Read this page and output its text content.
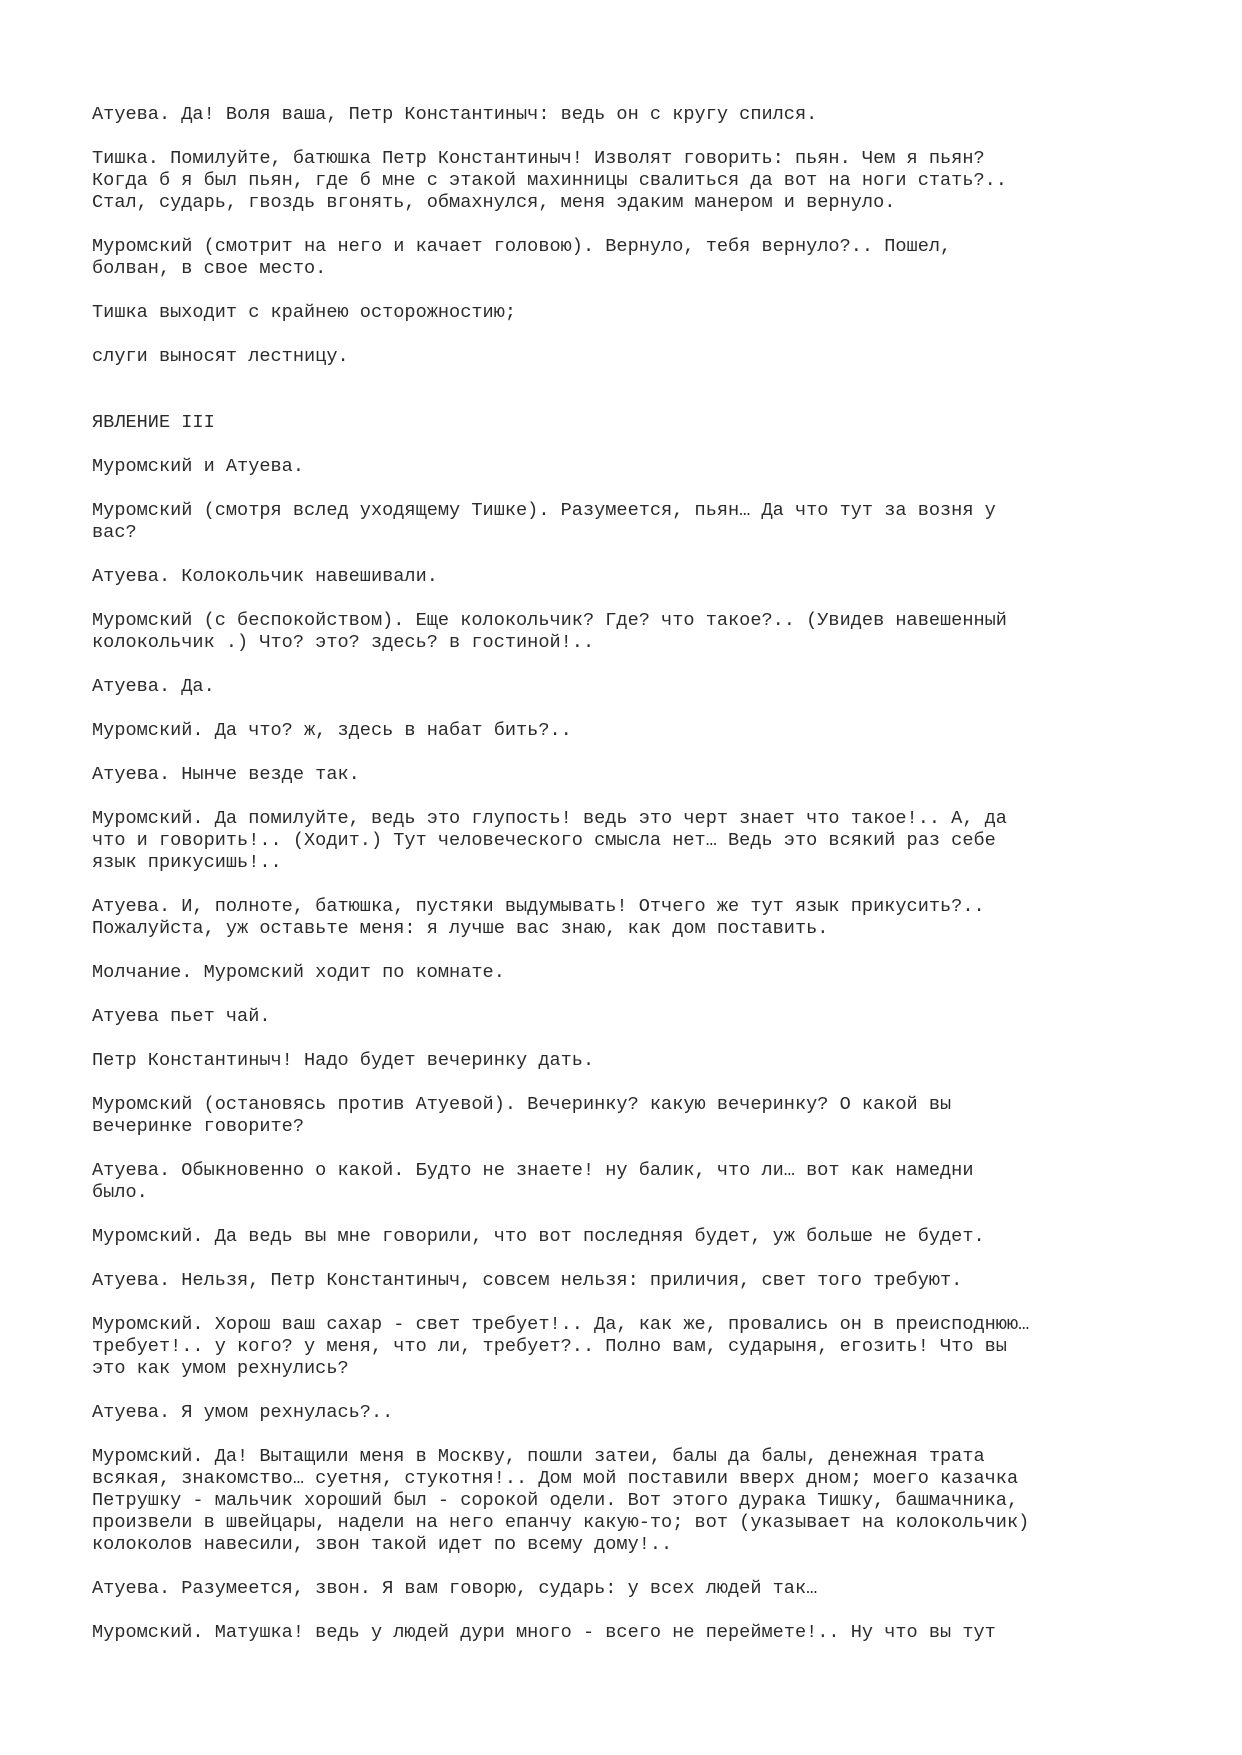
Атуева. Да! Воля ваша, Петр Константиныч: ведь он с кругу спился.

Тишка. Помилуйте, батюшка Петр Константиныч! Изволят говорить: пьян. Чем я пьян?
Когда б я был пьян, где б мне с этакой махинницы свалиться да вот на ноги стать?..
Стал, сударь, гвоздь вгонять, обмахнулся, меня эдаким манером и вернуло.

Муромский (смотрит на него и качает головою). Вернуло, тебя вернуло?.. Пошел,
болван, в свое место.

Тишка выходит с крайнею осторожностию;

слуги выносят лестницу.

ЯВЛЕНИЕ III

Муромский и Атуева.

Муромский (смотря вслед уходящему Тишке). Разумеется, пьян… Да что тут за возня у
вас?

Атуева. Колокольчик навешивали.

Муромский (с беспокойством). Еще колокольчик? Где? что такое?.. (Увидев навешенный
колокольчик .) Что? это? здесь? в гостиной!..

Атуева. Да.

Муромский. Да что? ж, здесь в набат бить?..

Атуева. Нынче везде так.

Муромский. Да помилуйте, ведь это глупость! ведь это черт знает что такое!.. А, да
что и говорить!.. (Ходит.) Тут человеческого смысла нет… Ведь это всякий раз себе
язык прикусишь!..

Атуева. И, полноте, батюшка, пустяки выдумывать! Отчего же тут язык прикусить?..
Пожалуйста, уж оставьте меня: я лучше вас знаю, как дом поставить.

Молчание. Муромский ходит по комнате.

Атуева пьет чай.

Петр Константиныч! Надо будет вечеринку дать.

Муромский (остановясь против Атуевой). Вечеринку? какую вечеринку? О какой вы
вечеринке говорите?

Атуева. Обыкновенно о какой. Будто не знаете! ну балик, что ли… вот как намедни
было.

Муромский. Да ведь вы мне говорили, что вот последняя будет, уж больше не будет.

Атуева. Нельзя, Петр Константиныч, совсем нельзя: приличия, свет того требуют.

Муромский. Хорош ваш сахар - свет требует!.. Да, как же, провались он в преисподнюю…
требует!.. у кого? у меня, что ли, требует?.. Полно вам, сударыня, егозить! Что вы
это как умом рехнулись?

Атуева. Я умом рехнулась?..

Муромский. Да! Вытащили меня в Москву, пошли затеи, балы да балы, денежная трата
всякая, знакомство… суетня, стукотня!.. Дом мой поставили вверх дном; моего казачка
Петрушку - мальчик хороший был - сорокой одели. Вот этого дурака Тишку, башмачника,
произвели в швейцары, надели на него епанчу какую-то; вот (указывает на колокольчик)
колоколов навесили, звон такой идет по всему дому!..

Атуева. Разумеется, звон. Я вам говорю, сударь: у всех людей так…

Муромский. Матушка! ведь у людей дури много - всего не переймете!.. Ну что вы тут
